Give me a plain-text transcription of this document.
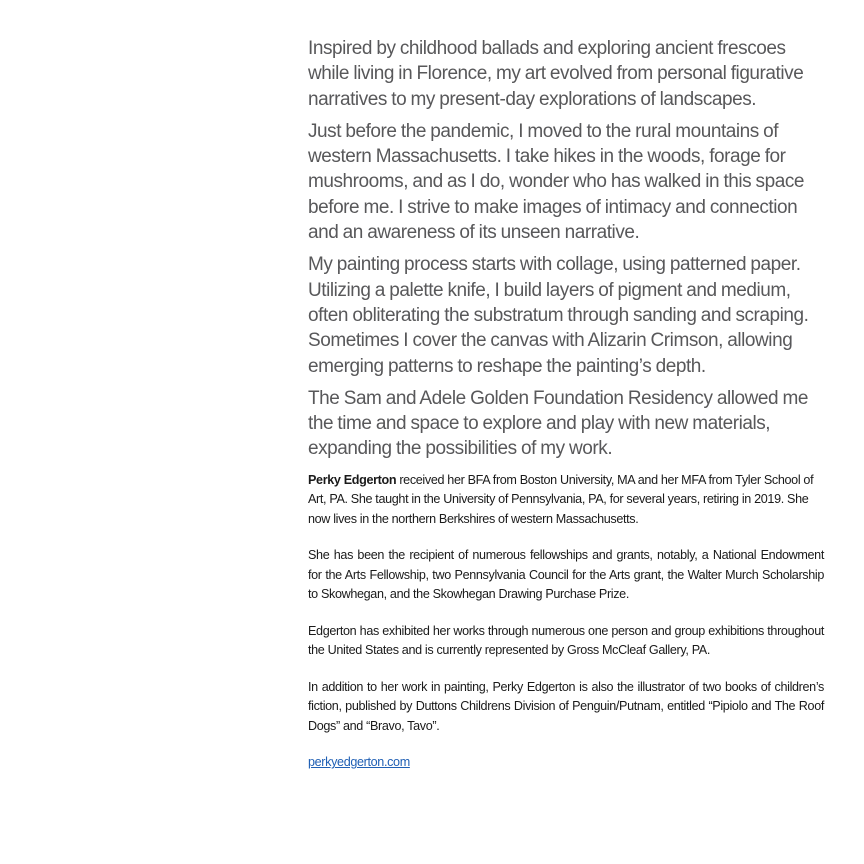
Inspired by childhood ballads and exploring ancient frescoes while living in Florence, my art evolved from personal figurative narratives to my present-day explorations of landscapes.

Just before the pandemic, I moved to the rural mountains of western Massachusetts. I take hikes in the woods, forage for mushrooms, and as I do, wonder who has walked in this space before me. I strive to make images of intimacy and connection and an awareness of its unseen narrative.

My painting process starts with collage, using patterned paper. Utilizing a palette knife, I build layers of pigment and medium, often obliterating the substratum through sanding and scraping. Sometimes I cover the canvas with Alizarin Crimson, allowing emerging patterns to reshape the painting’s depth.

The Sam and Adele Golden Foundation Residency allowed me the time and space to explore and play with new materials, expanding the possibilities of my work.

Perky Edgerton received her BFA from Boston University, MA and her MFA from Tyler School of Art, PA. She taught in the University of Pennsylvania, PA, for several years, retiring in 2019. She now lives in the northern Berkshires of western Massachusetts.

She has been the recipient of numerous fellowships and grants, notably, a National Endowment for the Arts Fellowship, two Pennsylvania Council for the Arts grant, the Walter Murch Scholarship to Skowhegan, and the Skowhegan Drawing Purchase Prize.

Edgerton has exhibited her works through numerous one person and group exhibitions throughout the United States and is currently represented by Gross McCleaf Gallery, PA.

In addition to her work in painting, Perky Edgerton is also the illustrator of two books of children’s fiction, published by Duttons Childrens Division of Penguin/Putnam, entitled “Pipiolo and The Roof Dogs” and “Bravo, Tavo”.

perkyedgerton.com
